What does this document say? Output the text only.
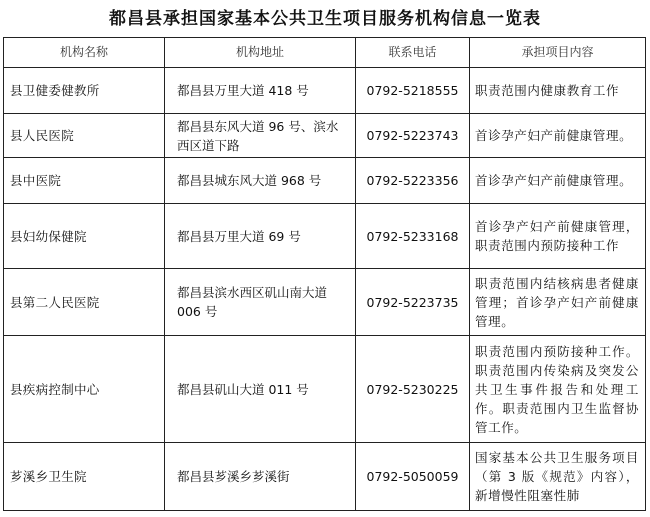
都昌县承担国家基本公共卫生项目服务机构信息一览表
机构名称	机构地址	联系电话	承担项目内容
县卫健委健教所	都昌县万里大道 418 号	0792-5218555	职责范围内健康教育工作
县人民医院	都昌县东风大道 96 号、滨水西区道下路	0792-5223743	首诊孕产妇产前健康管理。
县中医院	都昌县城东风大道 968 号	0792-5223356	首诊孕产妇产前健康管理。
县妇幼保健院	都昌县万里大道 69 号	0792-5233168	首诊孕产妇产前健康管理，职责范围内预防接种工作
县第二人民医院	都昌县滨水西区矶山南大道 006 号	0792-5223735	职责范围内结核病患者健康管理；首诊孕产妇产前健康管理。
县疾病控制中心	都昌县矶山大道 011 号	0792-5230225	职责范围内预防接种工作。职责范围内传染病及突发公共卫生事件报告和处理工作。职责范围内卫生监督协管工作。
芗溪乡卫生院	都昌县芗溪乡芗溪街	0792-5050059	国家基本公共卫生服务项目（第 3 版《规范》内容），新增慢性阻塞性肺
